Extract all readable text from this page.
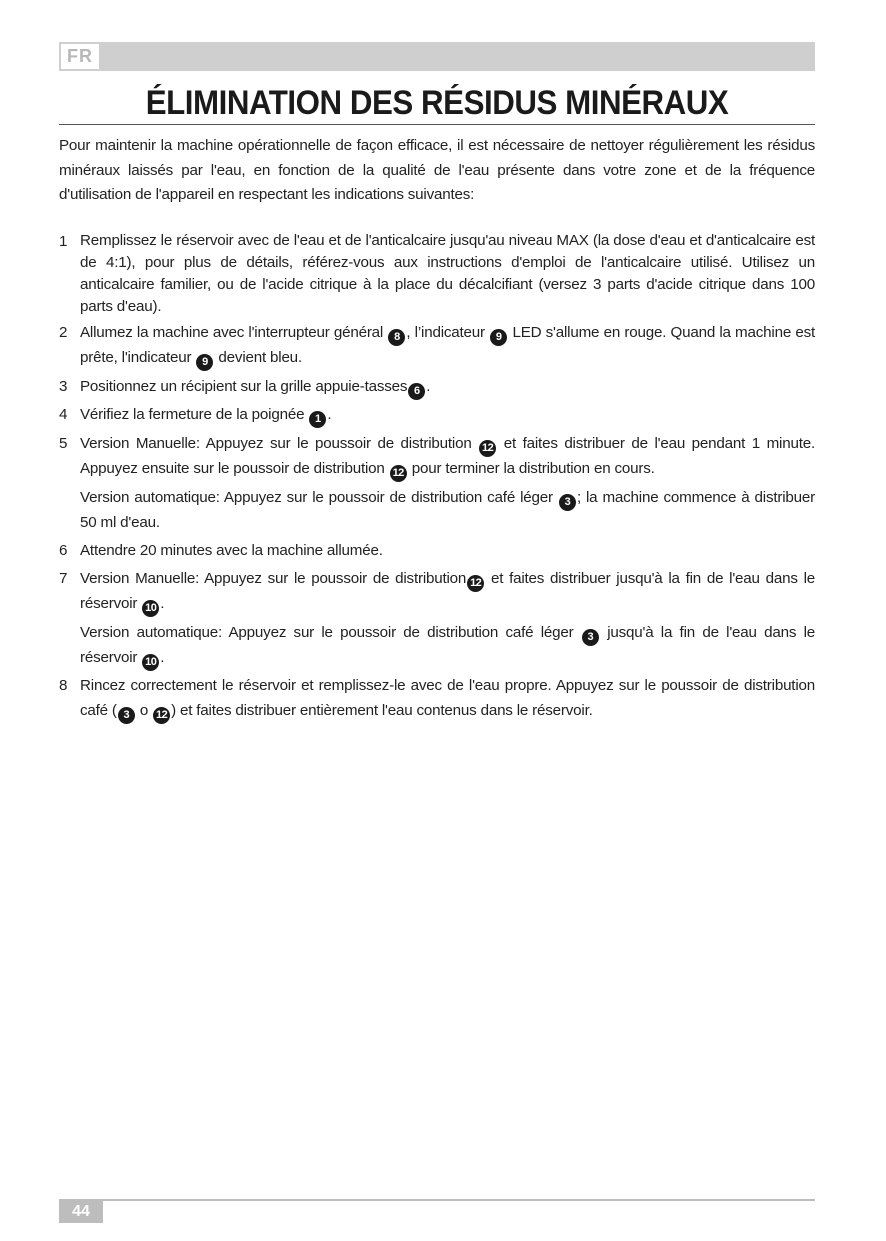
FR
ÉLIMINATION DES RÉSIDUS MINÉRAUX

Pour maintenir la machine opérationnelle de façon efficace, il est nécessaire de nettoyer régulièrement les résidus minéraux laissés par l'eau, en fonction de la qualité de l'eau présente dans votre zone et de la fréquence d'utilisation de l'appareil en respectant les indications suivantes:

1 Remplissez le réservoir avec de l'eau et de l'anticalcaire jusqu'au niveau MAX (la dose d'eau et d'anticalcaire est de 4:1), pour plus de détails, référez-vous aux instructions d'emploi de l'anticalcaire utilisé. Utilisez un anticalcaire familier, ou de l'acide citrique à la place du décalcifiant (versez 3 parts d'acide citrique dans 100 parts d'eau).

2 Allumez la machine avec l'interrupteur général 8 , l’indicateur 9 LED s'allume en rouge. Quand la machine est prête, l'indicateur 9 devient bleu.

3 Positionnez un récipient sur la grille appuie-tasses 6 .

4 Vérifiez la fermeture de la poignée 1 .

5 Version Manuelle: Appuyez sur le poussoir de distribution 12 et faites distribuer de l'eau pendant 1 minute. Appuyez ensuite sur le poussoir de distribution 12 pour terminer la distribution en cours.

Version automatique: Appuyez sur le poussoir de distribution café léger 3 ; la machine commence à distribuer 50 ml d'eau.

6 Attendre 20 minutes avec la machine allumée.

7 Version Manuelle: Appuyez sur le poussoir de distribution 12 et faites distribuer jusqu'à la fin de l'eau dans le réservoir 10 .

Version automatique: Appuyez sur le poussoir de distribution café léger 3 jusqu'à la fin de l'eau dans le réservoir 10 .

8 Rincez correctement le réservoir et remplissez-le avec de l'eau propre. Appuyez sur le poussoir de distribution café ( 3 o 12 ) et faites distribuer entièrement l'eau contenus dans le réservoir.

44
